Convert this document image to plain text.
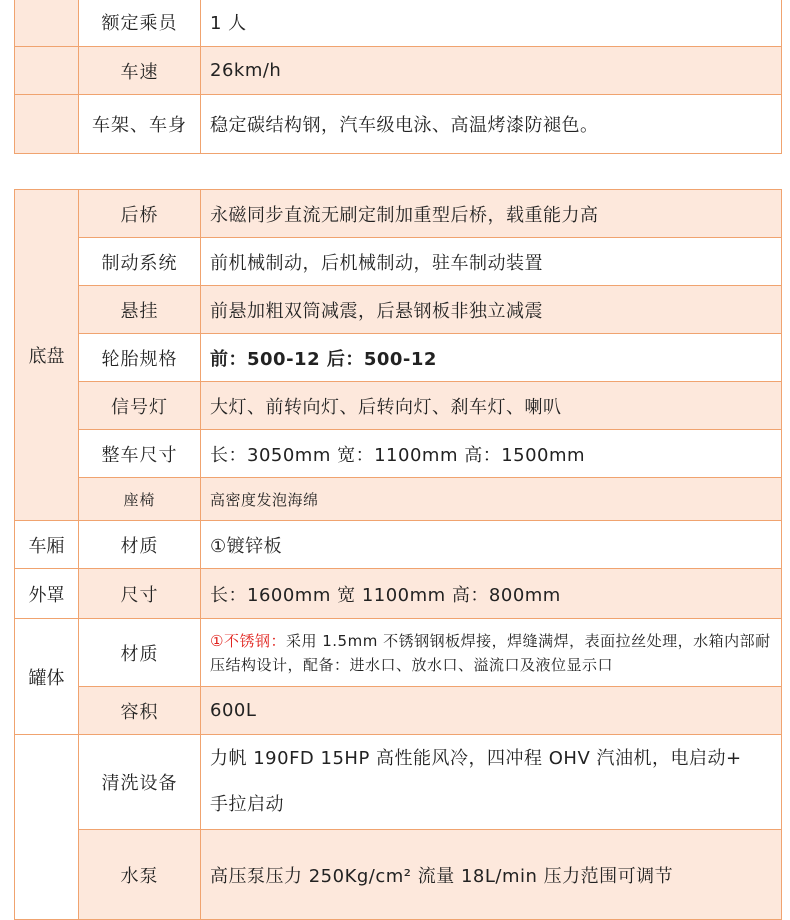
	额定乘员	1 人
	车速	26km/h
	车架、车身	稳定碳结构钢，汽车级电泳、高温烤漆防褪色。
底盘	后桥	永磁同步直流无刷定制加重型后桥，载重能力高
	制动系统	前机械制动，后机械制动，驻车制动装置
	悬挂	前悬加粗双筒减震，后悬钢板非独立减震
	轮胎规格	前：500-12 后：500-12
	信号灯	大灯、前转向灯、后转向灯、刹车灯、喇叭
	整车尺寸	长：3050mm 宽：1100mm 高：1500mm
	座椅	高密度发泡海绵
车厢	材质	①镀锌板
外罩	尺寸	长：1600mm 宽 1100mm 高：800mm
罐体	材质	①不锈钢：采用 1.5mm 不锈钢钢板焊接，焊缝满焊，表面拉丝处理，水箱内部耐压结构设计，配备：进水口、放水口、溢流口及液位显示口
	容积	600L
	清洗设备	力帆 190FD 15HP 高性能风冷，四冲程 OHV 汽油机，电启动+
手拉启动

	水泵	高压泵压力 250Kg/cm² 流量 18L/min 压力范围可调节
